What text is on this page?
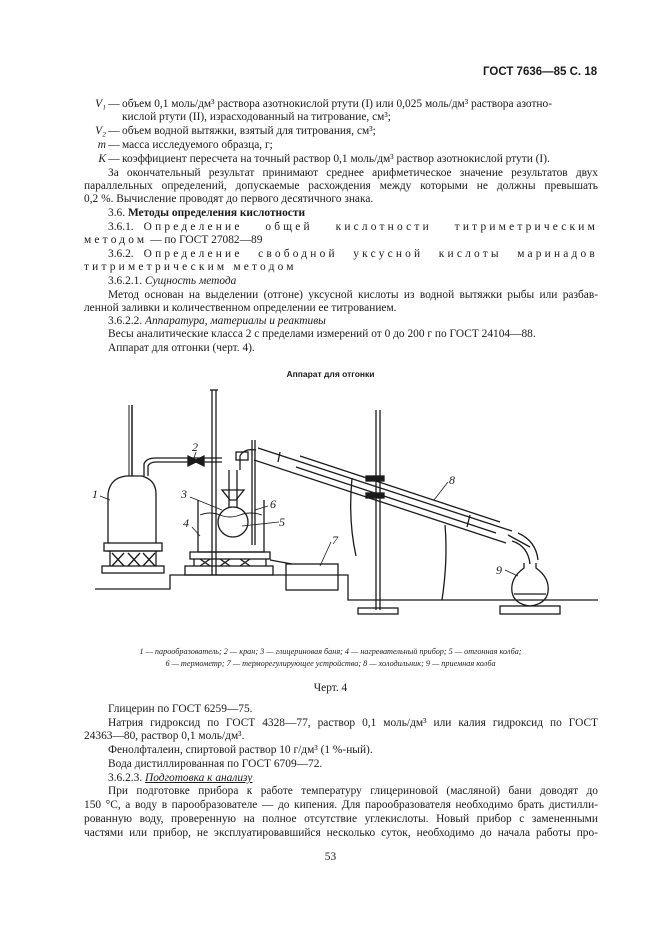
ГОСТ 7636—85 С. 18
V₁ — объем 0,1 моль/дм³ раствора азотнокислой ртути (I) или 0,025 моль/дм³ раствора азотно-
кислой ртути (II), израсходованный на титрование, см³;
V₂ — объем водной вытяжки, взятый для титрования, см³;
m — масса исследуемого образца, г;
K — коэффициент пересчета на точный раствор 0,1 моль/дм³ раствор азотнокислой ртути (I).
За окончательный результат принимают среднее арифметическое значение результатов двух
параллельных определений, допускаемые расхождения между которыми не должны превышать
0,2 %. Вычисление проводят до первого десятичного знака.
3.6. Методы определения кислотности
3.6.1. Определение общей кислотности титриметрическим
методом — по ГОСТ 27082—89
3.6.2. Определение свободной уксусной кислоты маринадов
титриметрическим методом
3.6.2.1. Сущность метода
Метод основан на выделении (отгоне) уксусной кислоты из водной вытяжки рыбы или разбав-
ленной заливки и количественном определении ее титрованием.
3.6.2.2. Аппаратура, материалы и реактивы
Весы аналитические класса 2 с пределами измерений от 0 до 200 г по ГОСТ 24104—88.
Аппарат для отгонки (черт. 4).
Аппарат для отгонки
1
2
3
4	5
6
7
8
9
1 — парообразователь; 2 — кран; 3 — глицериновая баня; 4 — нагревательный прибор; 5 — отгонная колба;
6 — термометр; 7 — терморегулирующее устройство; 8 — холодильник; 9 — приемная колба
Черт. 4
Глицерин по ГОСТ 6259—75.
Натрия гидроксид по ГОСТ 4328—77, раствор 0,1 моль/дм³ или калия гидроксид по ГОСТ
24363—80, раствор 0,1 моль/дм³.
Фенолфталеин, спиртовой раствор 10 г/дм³ (1 %-ный).
Вода дистиллированная по ГОСТ 6709—72.
3.6.2.3. Подготовка к анализу
При подготовке прибора к работе температуру глицериновой (масляной) бани доводят до
150 °С, а воду в парообразователе — до кипения. Для парообразователя необходимо брать дистилли-
рованную воду, проверенную на полное отсутствие углекислоты. Новый прибор с замененными
частями или прибор, не эксплуатировавшийся несколько суток, необходимо до начала работы про-
53
